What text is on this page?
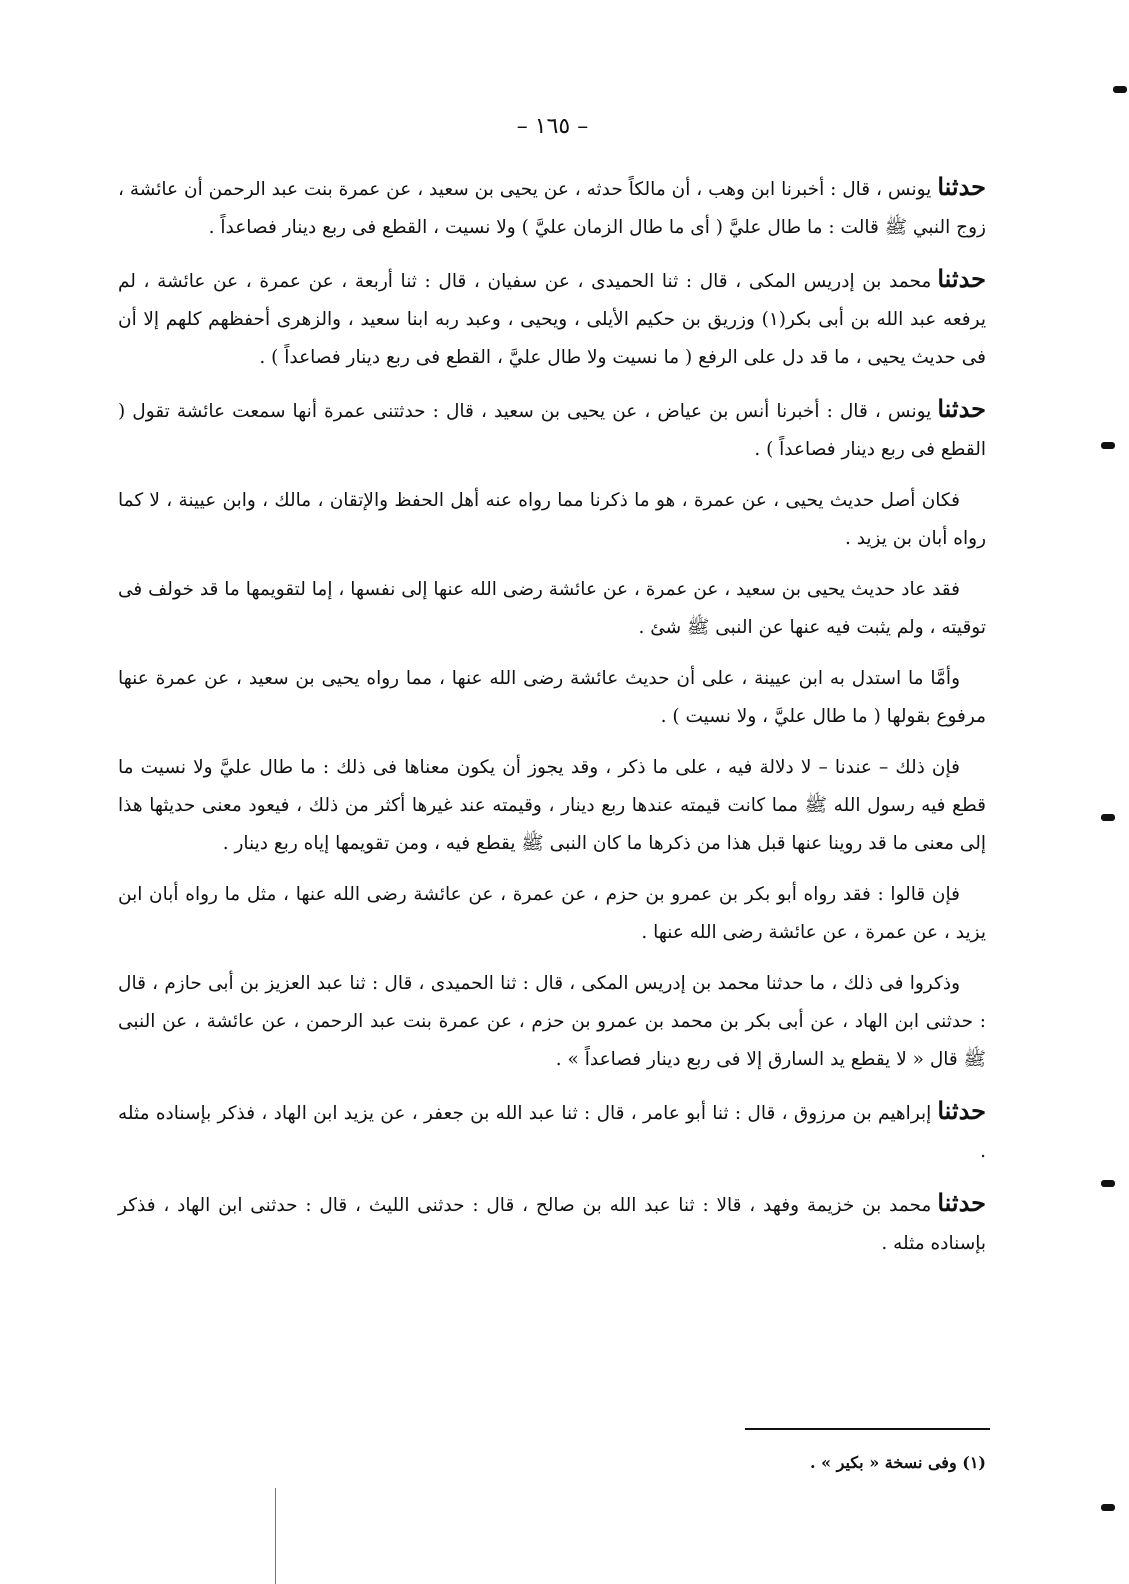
– ١٦٥ –

حدثنايونس ، قال : أخبرنا ابن وهب ، أن مالكاً حدثه ، عن يحيى بن سعيد ، عن عمرة بنت عبد الرحمن أن عائشة ، زوج النبي ﷺ قالت : ما طال عليَّ ( أى ما طال الزمان عليَّ ) ولا نسيت ، القطع فى ربع دينار فصاعداً .

حدثنامحمد بن إدريس المكى ، قال : ثنا الحميدى ، عن سفيان ، قال : ثنا أربعة ، عن عمرة ، عن عائشة ، لم يرفعه عبد الله بن أبى بكر(١) وزريق بن حكيم الأيلى ، ويحيى ، وعبد ربه ابنا سعيد ، والزهرى أحفظهم كلهم إلا أن فى حديث يحيى ، ما قد دل على الرفع ( ما نسيت ولا طال عليَّ ، القطع فى ربع دينار فصاعداً ) .

حدثنايونس ، قال : أخبرنا أنس بن عياض ، عن يحيى بن سعيد ، قال : حدثتنى عمرة أنها سمعت عائشة تقول ( القطع فى ربع دينار فصاعداً ) .

فكان أصل حديث يحيى ، عن عمرة ، هو ما ذكرنا مما رواه عنه أهل الحفظ والإتقان ، مالك ، وابن عيينة ، لا كما رواه أبان بن يزيد .

فقد عاد حديث يحيى بن سعيد ، عن عمرة ، عن عائشة رضى الله عنها إلى نفسها ، إما لتقويمها ما قد خولف فى توقيته ، ولم يثبت فيه عنها عن النبى ﷺ شئ .

وأمَّا ما استدل به ابن عيينة ، على أن حديث عائشة رضى الله عنها ، مما رواه يحيى بن سعيد ، عن عمرة عنها مرفوع بقولها ( ما طال عليَّ ، ولا نسيت ) .

فإن ذلك – عندنا – لا دلالة فيه ، على ما ذكر ، وقد يجوز أن يكون معناها فى ذلك : ما طال عليَّ ولا نسيت ما قطع فيه رسول الله ﷺ مما كانت قيمته عندها ربع دينار ، وقيمته عند غيرها أكثر من ذلك ، فيعود معنى حديثها هذا إلى معنى ما قد روينا عنها قبل هذا من ذكرها ما كان النبى ﷺ يقطع فيه ، ومن تقويمها إياه ربع دينار .

فإن قالوا : فقد رواه أبو بكر بن عمرو بن حزم ، عن عمرة ، عن عائشة رضى الله عنها ، مثل ما رواه أبان ابن يزيد ، عن عمرة ، عن عائشة رضى الله عنها .

وذكروا فى ذلك ، ما حدثنا محمد بن إدريس المكى ، قال : ثنا الحميدى ، قال : ثنا عبد العزيز بن أبى حازم ، قال : حدثنى ابن الهاد ، عن أبى بكر بن محمد بن عمرو بن حزم ، عن عمرة بنت عبد الرحمن ، عن عائشة ، عن النبى ﷺ قال « لا يقطع يد السارق إلا فى ربع دينار فصاعداً » .

حدثناإبراهيم بن مرزوق ، قال : ثنا أبو عامر ، قال : ثنا عبد الله بن جعفر ، عن يزيد ابن الهاد ، فذكر بإسناده مثله .

حدثنامحمد بن خزيمة وفهد ، قالا : ثنا عبد الله بن صالح ، قال : حدثنى الليث ، قال : حدثنى ابن الهاد ، فذكر بإسناده مثله .

(١) وفى نسخة « بكير » .
